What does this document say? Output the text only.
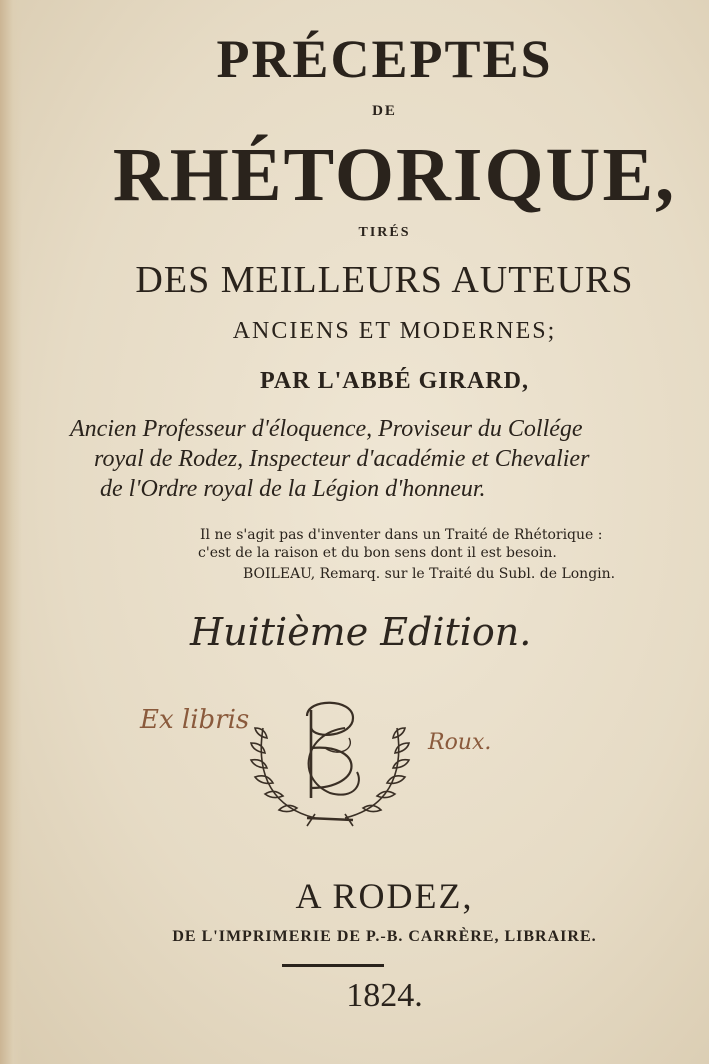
PRÉCEPTES
DE
RHÉTORIQUE,
TIRÉS
DES MEILLEURS AUTEURS
ANCIENS ET MODERNES;
PAR L'ABBÉ GIRARD,
Ancien Professeur d'éloquence, Proviseur du Collége
royal de Rodez, Inspecteur d'académie et Chevalier
de l'Ordre royal de la Légion d'honneur.
Il ne s'agit pas d'inventer dans un Traité de Rhétorique :
c'est de la raison et du bon sens dont il est besoin.
BOILEAU, Remarq. sur le Traité du Subl. de Longin.
Huitième Edition.
Ex libris
Roux.
A RODEZ,
DE L'IMPRIMERIE DE P.-B. CARRÈRE, LIBRAIRE.
1824.
